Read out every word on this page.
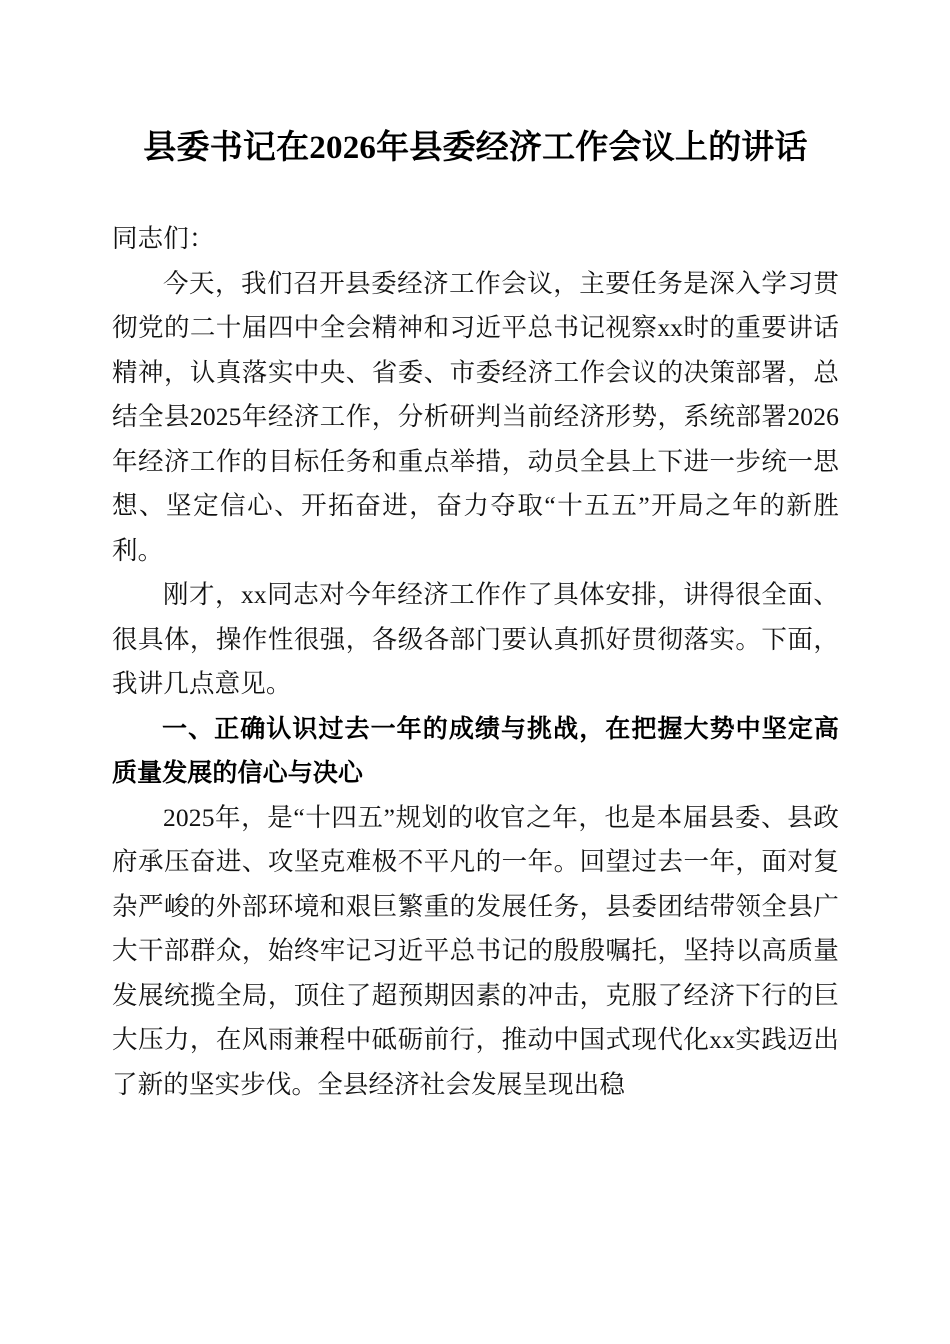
县委书记在2026年县委经济工作会议上的讲话

同志们：

今天，我们召开县委经济工作会议，主要任务是深入学习贯彻党的二十届四中全会精神和习近平总书记视察xx时的重要讲话精神，认真落实中央、省委、市委经济工作会议的决策部署，总结全县2025年经济工作，分析研判当前经济形势，系统部署2026年经济工作的目标任务和重点举措，动员全县上下进一步统一思想、坚定信心、开拓奋进，奋力夺取“十五五”开局之年的新胜利。

刚才，xx同志对今年经济工作作了具体安排，讲得很全面、很具体，操作性很强，各级各部门要认真抓好贯彻落实。下面，我讲几点意见。

一、正确认识过去一年的成绩与挑战，在把握大势中坚定高质量发展的信心与决心

2025年，是“十四五”规划的收官之年，也是本届县委、县政府承压奋进、攻坚克难极不平凡的一年。回望过去一年，面对复杂严峻的外部环境和艰巨繁重的发展任务，县委团结带领全县广大干部群众，始终牢记习近平总书记的殷殷嘱托，坚持以高质量发展统揽全局，顶住了超预期因素的冲击，克服了经济下行的巨大压力，在风雨兼程中砥砺前行，推动中国式现代化xx实践迈出了新的坚实步伐。全县经济社会发展呈现出稳
